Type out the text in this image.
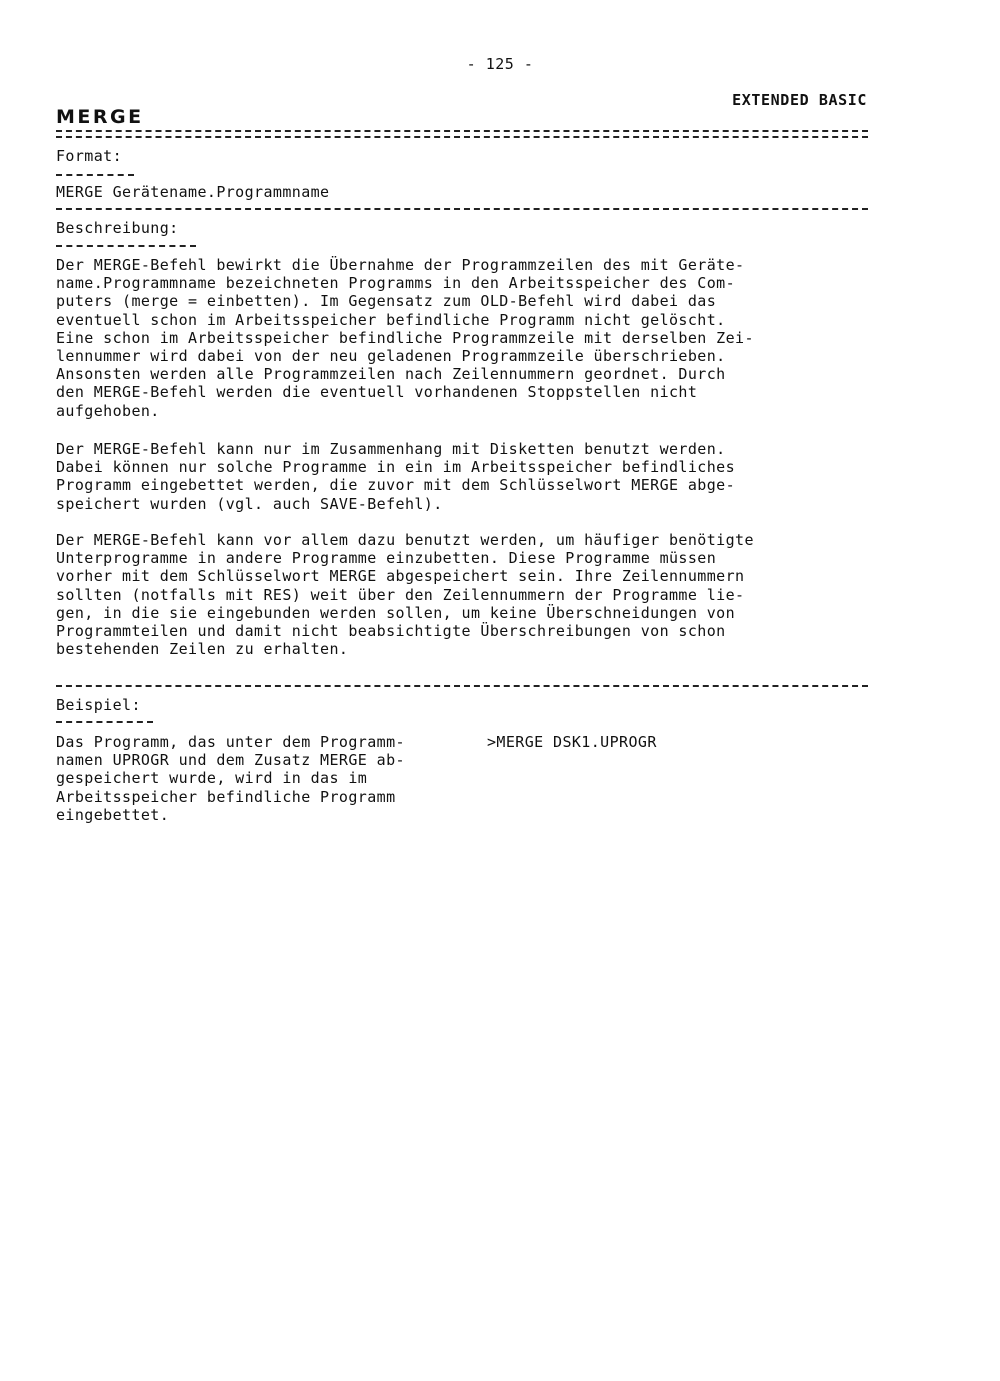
- 125 -
EXTENDED BASIC
MERGE
Format:
MERGE Gerätename.Programmname
Beschreibung:
Der MERGE-Befehl bewirkt die Übernahme der Programmzeilen des mit Geräte-
name.Programmname bezeichneten Programms in den Arbeitsspeicher des Com-
puters (merge = einbetten). Im Gegensatz zum OLD-Befehl wird dabei das
eventuell schon im Arbeitsspeicher befindliche Programm nicht gelöscht.
Eine schon im Arbeitsspeicher befindliche Programmzeile mit derselben Zei-
lennummer wird dabei von der neu geladenen Programmzeile überschrieben.
Ansonsten werden alle Programmzeilen nach Zeilennummern geordnet. Durch
den MERGE-Befehl werden die eventuell vorhandenen Stoppstellen nicht
aufgehoben.
Der MERGE-Befehl kann nur im Zusammenhang mit Disketten benutzt werden.
Dabei können nur solche Programme in ein im Arbeitsspeicher befindliches
Programm eingebettet werden, die zuvor mit dem Schlüsselwort MERGE abge-
speichert wurden (vgl. auch SAVE-Befehl).
Der MERGE-Befehl kann vor allem dazu benutzt werden, um häufiger benötigte
Unterprogramme in andere Programme einzubetten. Diese Programme müssen
vorher mit dem Schlüsselwort MERGE abgespeichert sein. Ihre Zeilennummern
sollten (notfalls mit RES) weit über den Zeilennummern der Programme lie-
gen, in die sie eingebunden werden sollen, um keine Überschneidungen von
Programmteilen und damit nicht beabsichtigte Überschreibungen von schon
bestehenden Zeilen zu erhalten.
Beispiel:
Das Programm, das unter dem Programm-
namen UPROGR und dem Zusatz MERGE ab-
gespeichert wurde, wird in das im
Arbeitsspeicher befindliche Programm
eingebettet.
>MERGE DSK1.UPROGR
